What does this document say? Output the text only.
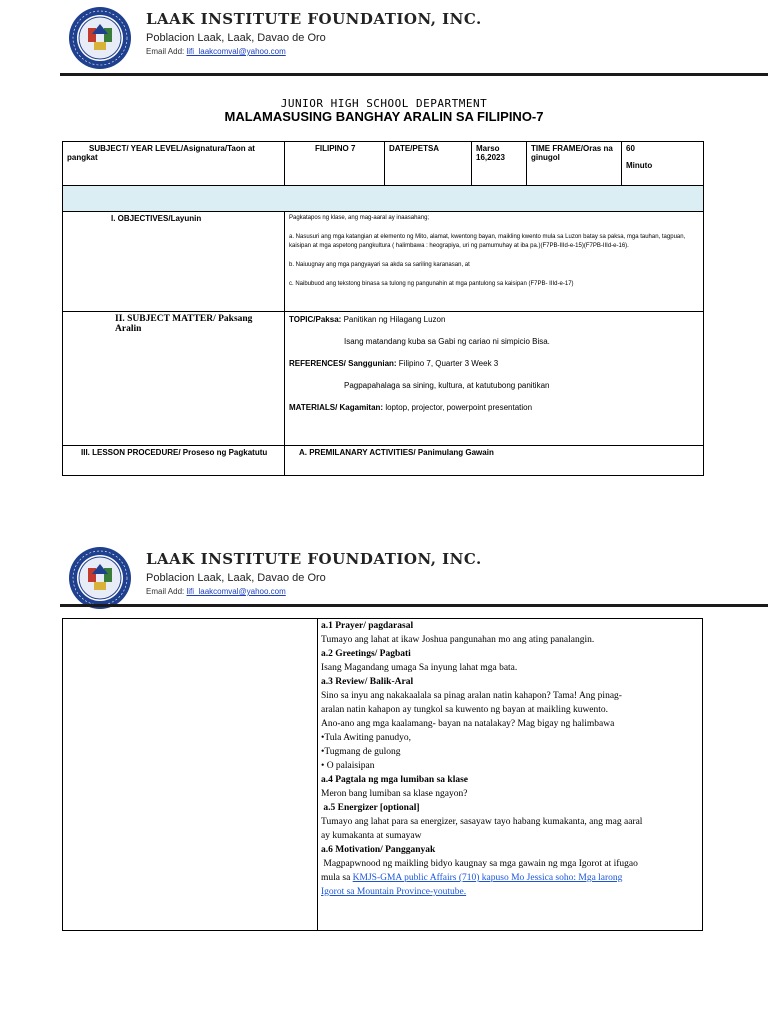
LAAK INSTITUTE FOUNDATION, INC.
Poblacion Laak, Laak, Davao de Oro
Email Add: lifi_laakcomval@yahoo.com
JUNIOR HIGH SCHOOL DEPARTMENT
MALAMASUSING BANGHAY ARALIN SA FILIPINO-7
SUBJECT/ YEAR LEVEL/Asignatura/Taon at pangkat	FILIPINO 7	DATE/PETSA	Marso 16,2023	TIME FRAME/Oras na ginugol	60
Minuto

I. OBJECTIVES/Layunin	Pagkatapos ng klase, ang mag-aaral ay inaasahang;

a. Nasusuri ang mga katangian at elemento ng Mito, alamat, kwentong bayan, maikling kwento mula sa Luzon batay sa paksa, mga tauhan, tagpuan, kaisipan at mga aspetong pangkultura ( halimbawa : heograpiya, uri ng pamumuhay at iba pa.)(F7PB-IIId-e-15)(F7PB-IIId-e-16).

b. Naiuugnay ang mga pangyayari sa akda sa sariling karanasan, at

c. Naibubuod ang tekstong binasa sa tulong ng pangunahin at mga pantulong sa kaisipan (F7PB- IIId-e-17)				

II. SUBJECT MATTER/ Paksang Aralin	TOPIC/Paksa: Panitikan ng Hilagang Luzon

Isang matandang kuba sa Gabi ng cariao ni simpicio Bisa.

REFERENCES/ Sanggunian: Filipino 7, Quarter 3 Week 3

Pagpapahalaga sa sining, kultura, at katutubong panitikan

MATERIALS/ Kagamitan: loptop, projector, powerpoint presentation				

III. LESSON PROCEDURE/ Proseso ng Pagkatutu	A. PREMILANARY ACTIVITIES/ Panimulang Gawain				
LAAK INSTITUTE FOUNDATION, INC.
Poblacion Laak, Laak, Davao de Oro
Email Add: lifi_laakcomval@yahoo.com
a.1 Prayer/ pagdarasal
Tumayo ang lahat at ikaw Joshua pangunahan mo ang ating panalangin.
a.2 Greetings/ Pagbati
Isang Magandang umaga Sa inyung lahat mga bata.
a.3 Review/ Balik-Aral
Sino sa inyu ang nakakaalala sa pinag aralan natin kahapon? Tama! Ang pinag-
aralan natin kahapon ay tungkol sa kuwento ng bayan at maikling kuwento.
Ano-ano ang mga kaalamang- bayan na natalakay? Mag bigay ng halimbawa
•Tula Awiting panudyo,
•Tugmang de gulong
• O palaisipan
a.4 Pagtala ng mga lumiban sa klase
Meron bang lumiban sa klase ngayon?
a.5 Energizer [optional]
Tumayo ang lahat para sa energizer, sasayaw tayo habang kumakanta, ang mag aaral
ay kumakanta at sumayaw
a.6 Motivation/ Pangganyak
Magpapwnood ng maikling bidyo kaugnay sa mga gawain ng mga Igorot at ifugao
mula sa KMJS-GMA public Affairs (710) kapuso Mo Jessica soho: Mga larong
Igorot sa Mountain Province-youtube.
